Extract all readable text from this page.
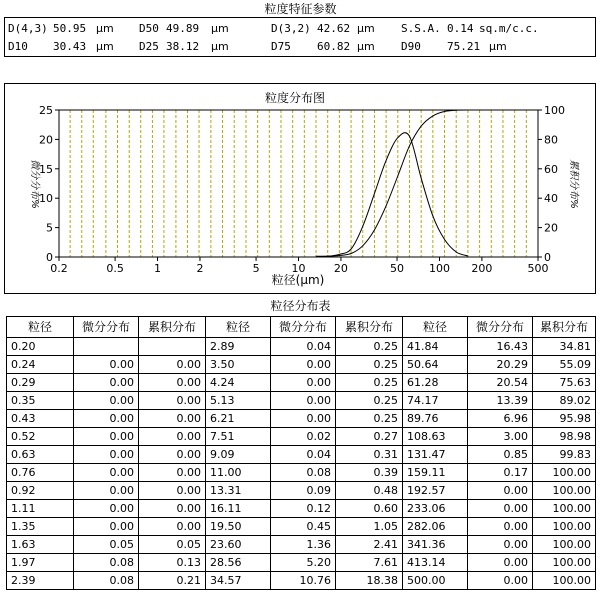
粒度特征参数
D(4,3) 50.95 μm D50 49.89 μm	D(3,2) 42.62 μm S.S.A. 0.14 sq.m/c.c.
D10 30.43 μm D25 38.12 μm	D75 60.82 μm D90 75.21 μm
粒度分布图
0.2	0.5	1	2	5	10	20	50 100 200	500
0
5
10
15
20
25
0
20
40
60
80
100
粒径(μm)
微分分布%	累积分布%
粒径分布表
粒径	微分分布	累积分布	粒径	微分分布	累积分布	粒径	微分分布	累积分布
0.20			2.89	0.04	0.25	41.84	16.43	34.81
0.24	0.00	0.00	3.50	0.00	0.25	50.64	20.29	55.09
0.29	0.00	0.00	4.24	0.00	0.25	61.28	20.54	75.63
0.35	0.00	0.00	5.13	0.00	0.25	74.17	13.39	89.02
0.43	0.00	0.00	6.21	0.00	0.25	89.76	6.96	95.98
0.52	0.00	0.00	7.51	0.02	0.27	108.63	3.00	98.98
0.63	0.00	0.00	9.09	0.04	0.31	131.47	0.85	99.83
0.76	0.00	0.00	11.00	0.08	0.39	159.11	0.17	100.00
0.92	0.00	0.00	13.31	0.09	0.48	192.57	0.00	100.00
1.11	0.00	0.00	16.11	0.12	0.60	233.06	0.00	100.00
1.35	0.00	0.00	19.50	0.45	1.05	282.06	0.00	100.00
1.63	0.05	0.05	23.60	1.36	2.41	341.36	0.00	100.00
1.97	0.08	0.13	28.56	5.20	7.61	413.14	0.00	100.00
2.39	0.08	0.21	34.57	10.76	18.38	500.00	0.00	100.00
